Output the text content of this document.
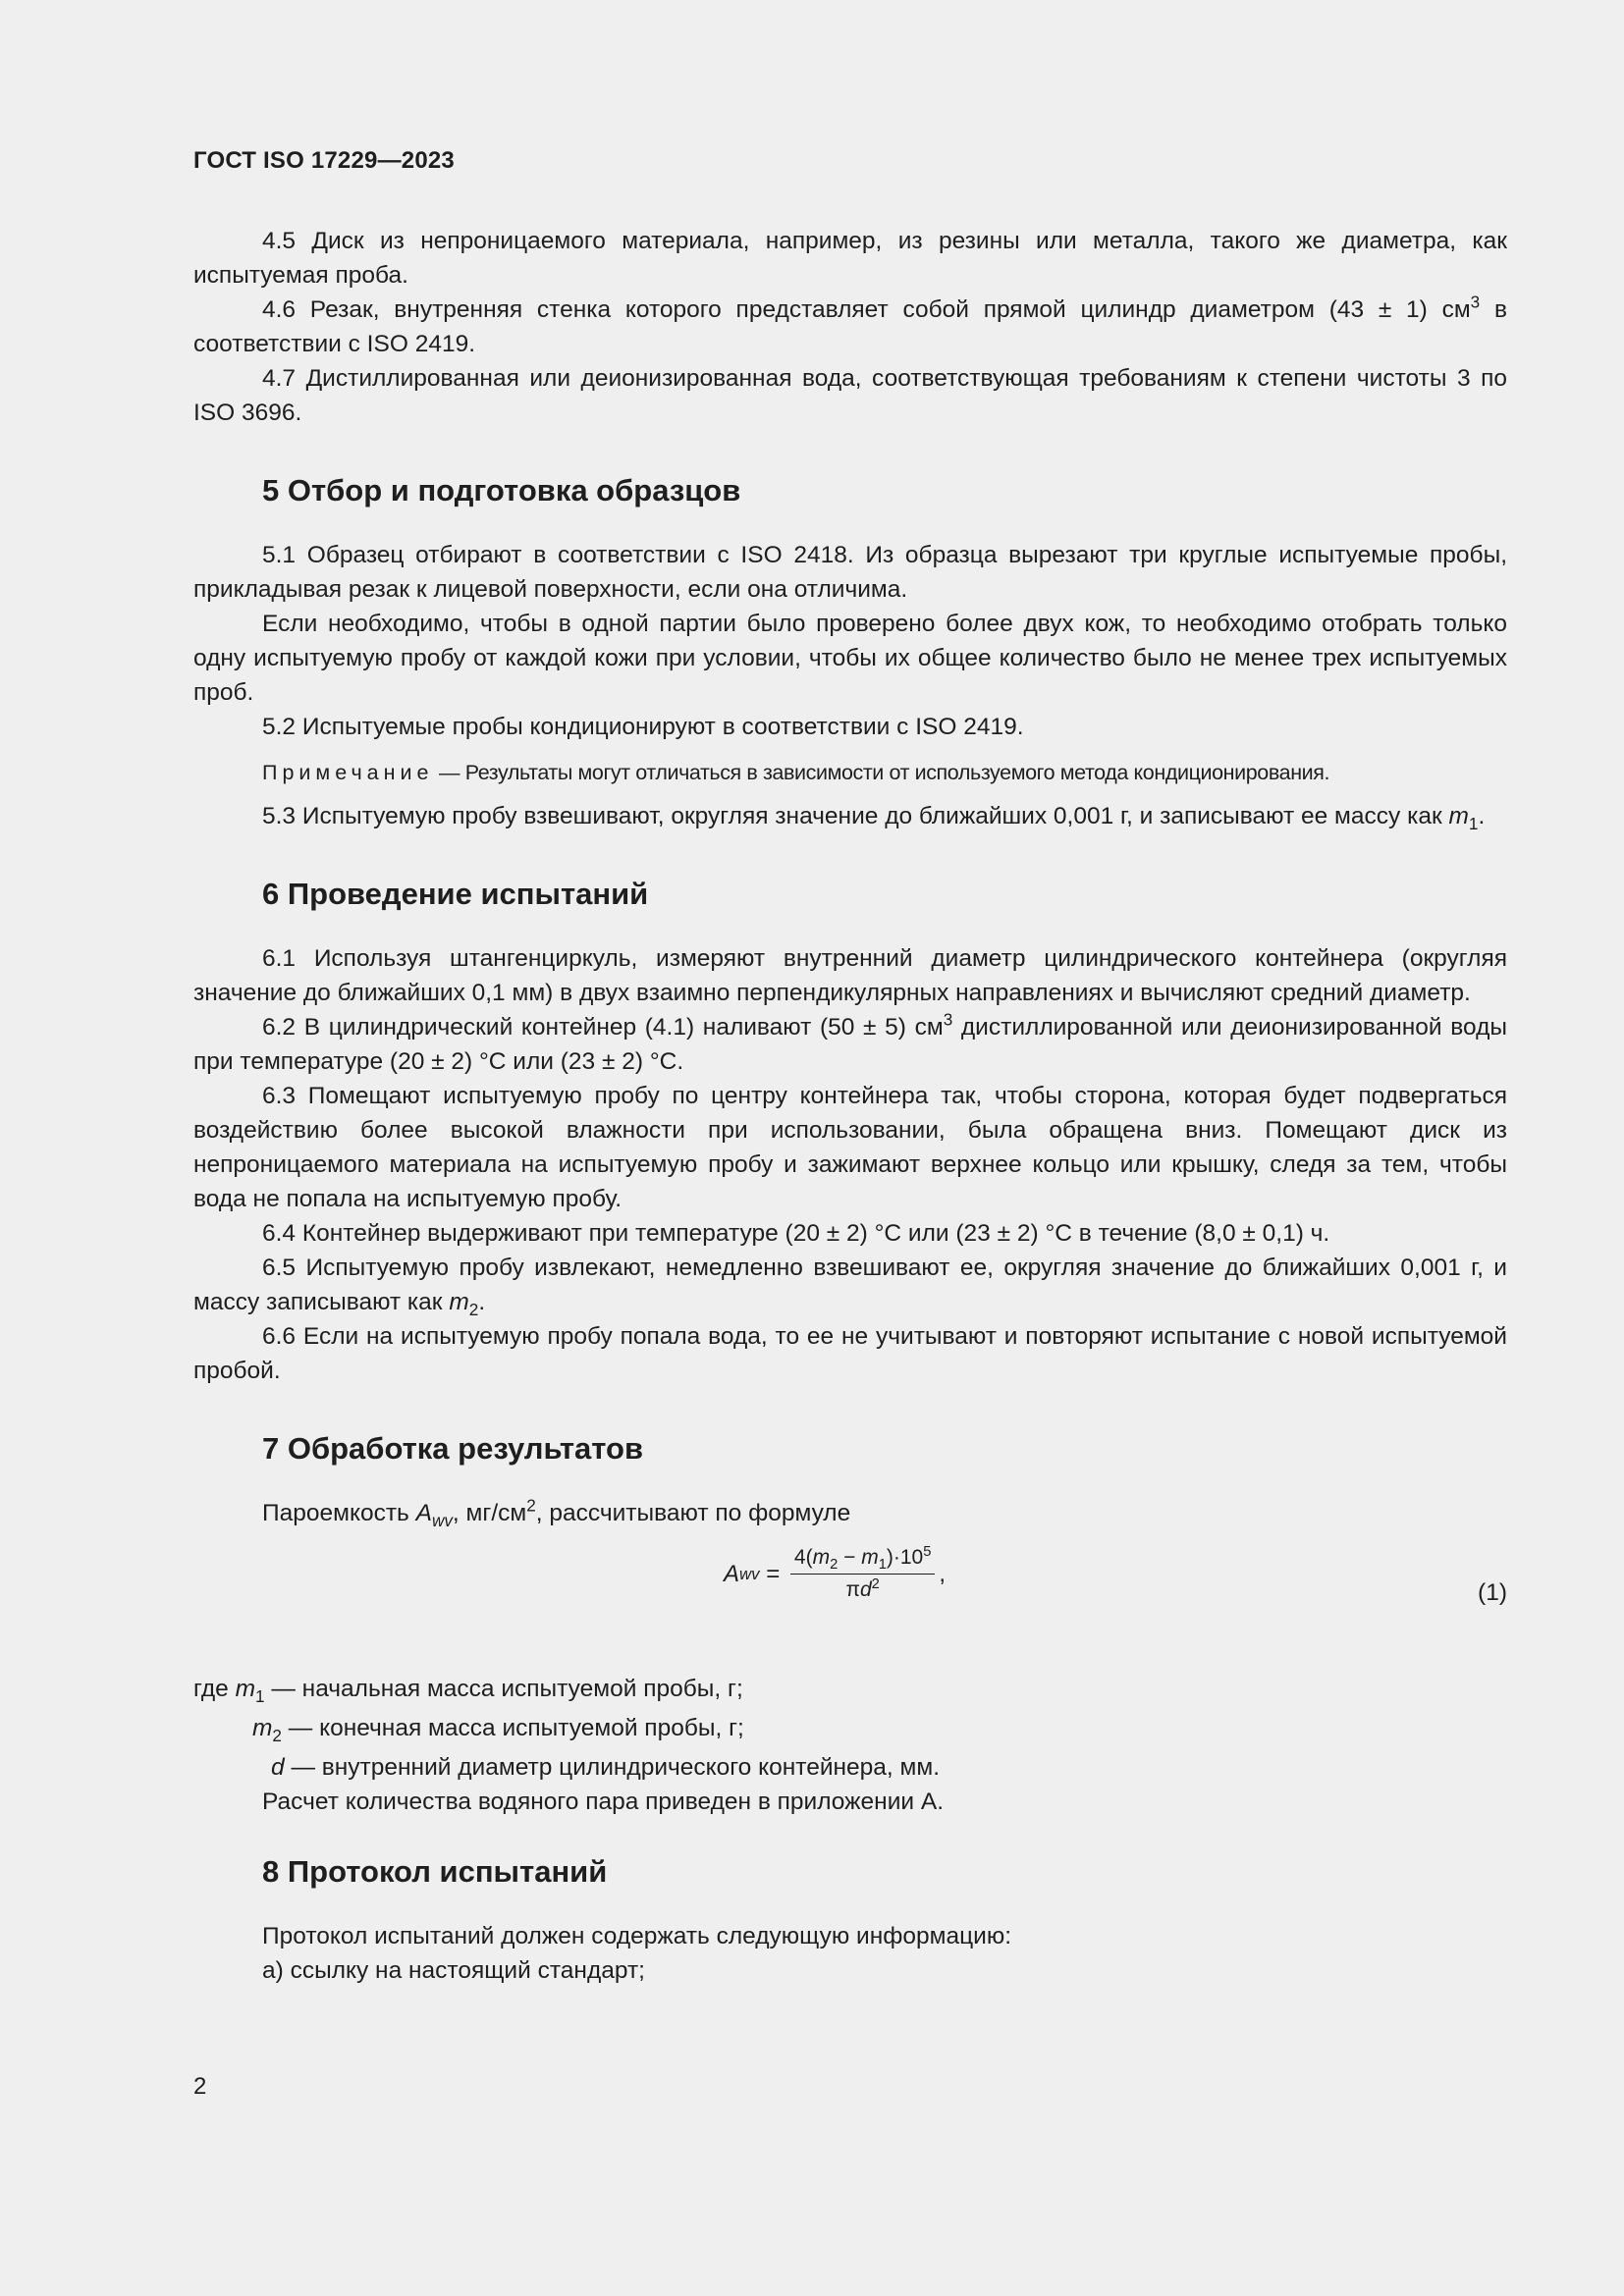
ГОСТ ISO 17229—2023

4.5 Диск из непроницаемого материала, например, из резины или металла, такого же диаметра, как испытуемая проба.

4.6 Резак, внутренняя стенка которого представляет собой прямой цилиндр диаметром (43 ± 1) $см^3$ в соответствии с ISO 2419.

4.7 Дистиллированная или деионизированная вода, соответствующая требованиям к степени чистоты 3 по ISO 3696.

5 Отбор и подготовка образцов

5.1 Образец отбирают в соответствии с ISO 2418. Из образца вырезают три круглые испытуемые пробы, прикладывая резак к лицевой поверхности, если она отличима.

Если необходимо, чтобы в одной партии было проверено более двух кож, то необходимо отобрать только одну испытуемую пробу от каждой кожи при условии, чтобы их общее количество было не менее трех испытуемых проб.

5.2 Испытуемые пробы кондиционируют в соответствии с ISO 2419.

Примечание — Результаты могут отличаться в зависимости от используемого метода кондиционирования.

5.3 Испытуемую пробу взвешивают, округляя значение до ближайших 0,001 г, и записывают ее массу как $m_1$.

6 Проведение испытаний

6.1 Используя штангенциркуль, измеряют внутренний диаметр цилиндрического контейнера (округляя значение до ближайших 0,1 мм) в двух взаимно перпендикулярных направлениях и вычисляют средний диаметр.

6.2 В цилиндрический контейнер (4.1) наливают (50 ± 5) $см^3$ дистиллированной или деионизированной воды при температуре (20 ± 2) °C или (23 ± 2) °C.

6.3 Помещают испытуемую пробу по центру контейнера так, чтобы сторона, которая будет подвергаться воздействию более высокой влажности при использовании, была обращена вниз. Помещают диск из непроницаемого материала на испытуемую пробу и зажимают верхнее кольцо или крышку, следя за тем, чтобы вода не попала на испытуемую пробу.

6.4 Контейнер выдерживают при температуре (20 ± 2) °C или (23 ± 2) °C в течение (8,0 ± 0,1) ч.

6.5 Испытуемую пробу извлекают, немедленно взвешивают ее, округляя значение до ближайших 0,001 г, и массу записывают как $m_2$.

6.6 Если на испытуемую пробу попала вода, то ее не учитывают и повторяют испытание с новой испытуемой пробой.

7 Обработка результатов

Пароемкость $A_{wv}$, $мг/см^2$, рассчитывают по формуле

A wv = $\frac{4(m_2 - m_1)\cdot 10^5}{\pi d^2}$ ,
(1)
где $m_1$ — начальная масса испытуемой пробы, г;
$m_2$ — конечная масса испытуемой пробы, г;
d — внутренний диаметр цилиндрического контейнера, мм.
Расчет количества водяного пара приведен в приложении А.
8 Протокол испытаний

Протокол испытаний должен содержать следующую информацию:

а) ссылку на настоящий стандарт;

2
